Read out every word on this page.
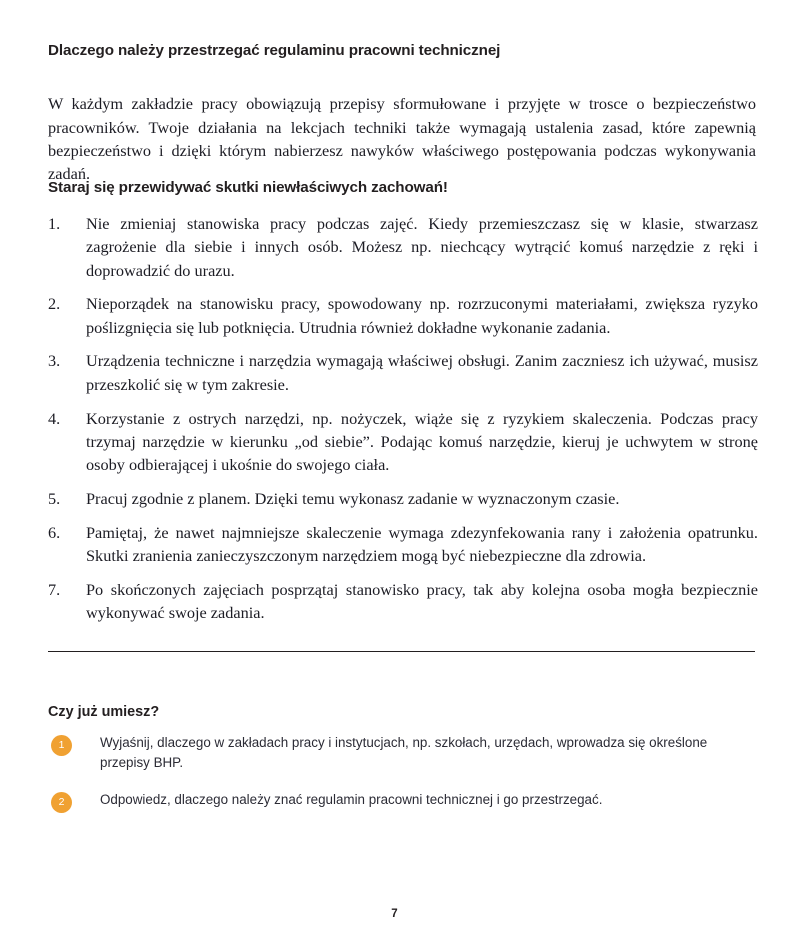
Dlaczego należy przestrzegać regulaminu pracowni technicznej

W każdym zakładzie pracy obowiązują przepisy sformułowane i przyjęte w trosce o bezpieczeństwo pracowników. Twoje działania na lekcjach techniki także wymagają ustalenia zasad, które zapewnią bezpieczeństwo i dzięki którym nabierzesz nawyków właściwego postępowania podczas wykonywania zadań.

Staraj się przewidywać skutki niewłaściwych zachowań!
1.	Nie zmieniaj stanowiska pracy podczas zajęć. Kiedy przemieszczasz się w klasie, stwarzasz zagrożenie dla siebie i innych osób. Możesz np. niechcący wytrącić komuś narzędzie z ręki i doprowadzić do urazu.
2.	Nieporządek na stanowisku pracy, spowodowany np. rozrzuconymi materiałami, zwiększa ryzyko poślizgnięcia się lub potknięcia. Utrudnia również dokładne wykonanie zadania.
3.	Urządzenia techniczne i narzędzia wymagają właściwej obsługi. Zanim zaczniesz ich używać, musisz przeszkolić się w tym zakresie.
4.	Korzystanie z ostrych narzędzi, np. nożyczek, wiąże się z ryzykiem skaleczenia. Podczas pracy trzymaj narzędzie w kierunku „od siebie”. Podając komuś narzędzie, kieruj je uchwytem w stronę osoby odbierającej i ukośnie do swojego ciała.
5.	Pracuj zgodnie z planem. Dzięki temu wykonasz zadanie w wyznaczonym czasie.
6.	Pamiętaj, że nawet najmniejsze skaleczenie wymaga zdezynfekowania rany i założenia opatrunku. Skutki zranienia zanieczyszczonym narzędziem mogą być niebezpieczne dla zdrowia.
7.	Po skończonych zajęciach posprzątaj stanowisko pracy, tak aby kolejna osoba mogła bezpiecznie wykonywać swoje zadania.
Czy już umiesz?
1	Wyjaśnij, dlaczego w zakładach pracy i instytucjach, np. szkołach, urzędach, wprowadza się określone przepisy BHP.
2	Odpowiedz, dlaczego należy znać regulamin pracowni technicznej i go przestrzegać.
7
